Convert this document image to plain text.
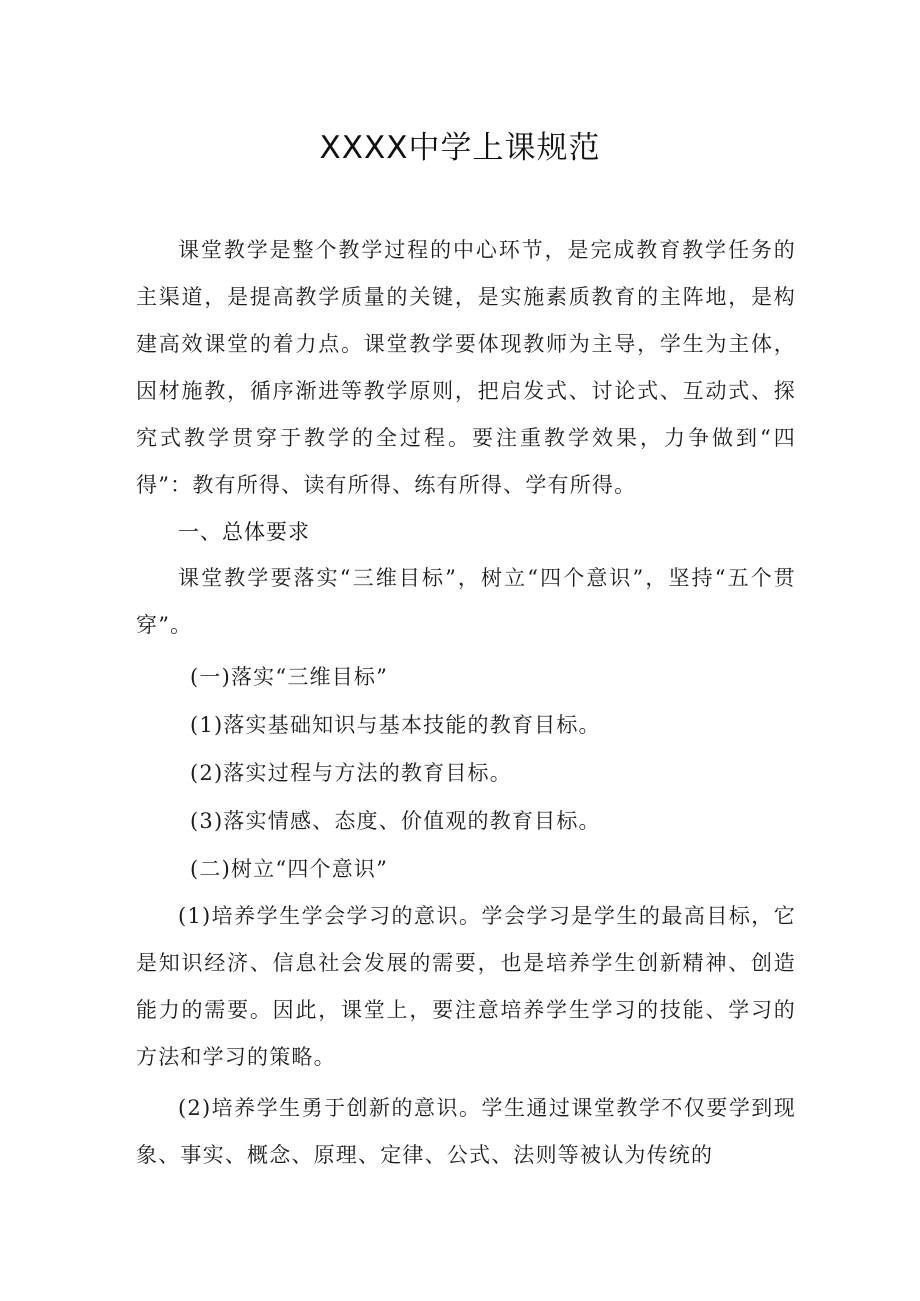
XXXX中学上课规范

课堂教学是整个教学过程的中心环节，是完成教育教学任务的主渠道，是提高教学质量的关键，是实施素质教育的主阵地，是构建高效课堂的着力点。课堂教学要体现教师为主导，学生为主体，因材施教，循序渐进等教学原则，把启发式、讨论式、互动式、探究式教学贯穿于教学的全过程。要注重教学效果，力争做到“四得”：教有所得、读有所得、练有所得、学有所得。

一、总体要求

课堂教学要落实“三维目标”，树立“四个意识”，坚持“五个贯穿”。

(一)落实“三维目标”

(1)落实基础知识与基本技能的教育目标。

(2)落实过程与方法的教育目标。

(3)落实情感、态度、价值观的教育目标。

(二)树立“四个意识”

(1)培养学生学会学习的意识。学会学习是学生的最高目标，它是知识经济、信息社会发展的需要，也是培养学生创新精神、创造能力的需要。因此，课堂上，要注意培养学生学习的技能、学习的方法和学习的策略。

(2)培养学生勇于创新的意识。学生通过课堂教学不仅要学到现象、事实、概念、原理、定律、公式、法则等被认为传统的
